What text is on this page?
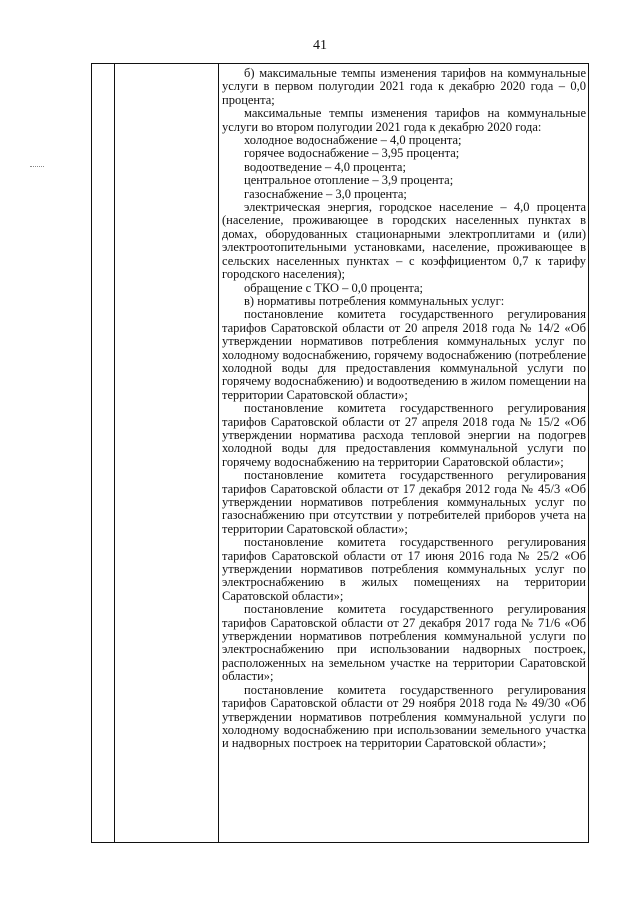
41

б) максимальные темпы изменения тарифов на коммунальные услуги в первом полугодии 2021 года к декабрю 2020 года – 0,0 процента;

максимальные темпы изменения тарифов на коммунальные услуги во втором полугодии 2021 года к декабрю 2020 года:

холодное водоснабжение – 4,0 процента;

горячее водоснабжение – 3,95 процента;

водоотведение – 4,0 процента;

центральное отопление – 3,9 процента;

газоснабжение – 3,0 процента;

электрическая энергия, городское население – 4,0 процента (население, проживающее в городских населенных пунктах в домах, оборудованных стационарными электроплитами и (или) электроотопительными установками, население, проживающее в сельских населенных пунктах – с коэффициентом 0,7 к тарифу городского населения);

обращение с ТКО – 0,0 процента;

в) нормативы потребления коммунальных услуг:

постановление комитета государственного регулирования тарифов Саратовской области от 20 апреля 2018 года № 14/2 «Об утверждении нормативов потребления коммунальных услуг по холодному водоснабжению, горячему водоснабжению (потребление холодной воды для предоставления коммунальной услуги по горячему водоснабжению) и водоотведению в жилом помещении на территории Саратовской области»;

постановление комитета государственного регулирования тарифов Саратовской области от 27 апреля 2018 года № 15/2 «Об утверждении норматива расхода тепловой энергии на подогрев холодной воды для предоставления коммунальной услуги по горячему водоснабжению на территории Саратовской области»;

постановление комитета государственного регулирования тарифов Саратовской области от 17 декабря 2012 года № 45/3 «Об утверждении нормативов потребления коммунальных услуг по газоснабжению при отсутствии у потребителей приборов учета на территории Саратовской области»;

постановление комитета государственного регулирования тарифов Саратовской области от 17 июня 2016 года № 25/2 «Об утверждении нормативов потребления коммунальных услуг по электроснабжению в жилых помещениях на территории Саратовской области»;

постановление комитета государственного регулирования тарифов Саратовской области от 27 декабря 2017 года № 71/6 «Об утверждении нормативов потребления коммунальной услуги по электроснабжению при использовании надворных построек, расположенных на земельном участке на территории Саратовской области»;

постановление комитета государственного регулирования тарифов Саратовской области от 29 ноября 2018 года № 49/30 «Об утверждении нормативов потребления коммунальной услуги по холодному водоснабжению при использовании земельного участка и надворных построек на территории Саратовской области»;
